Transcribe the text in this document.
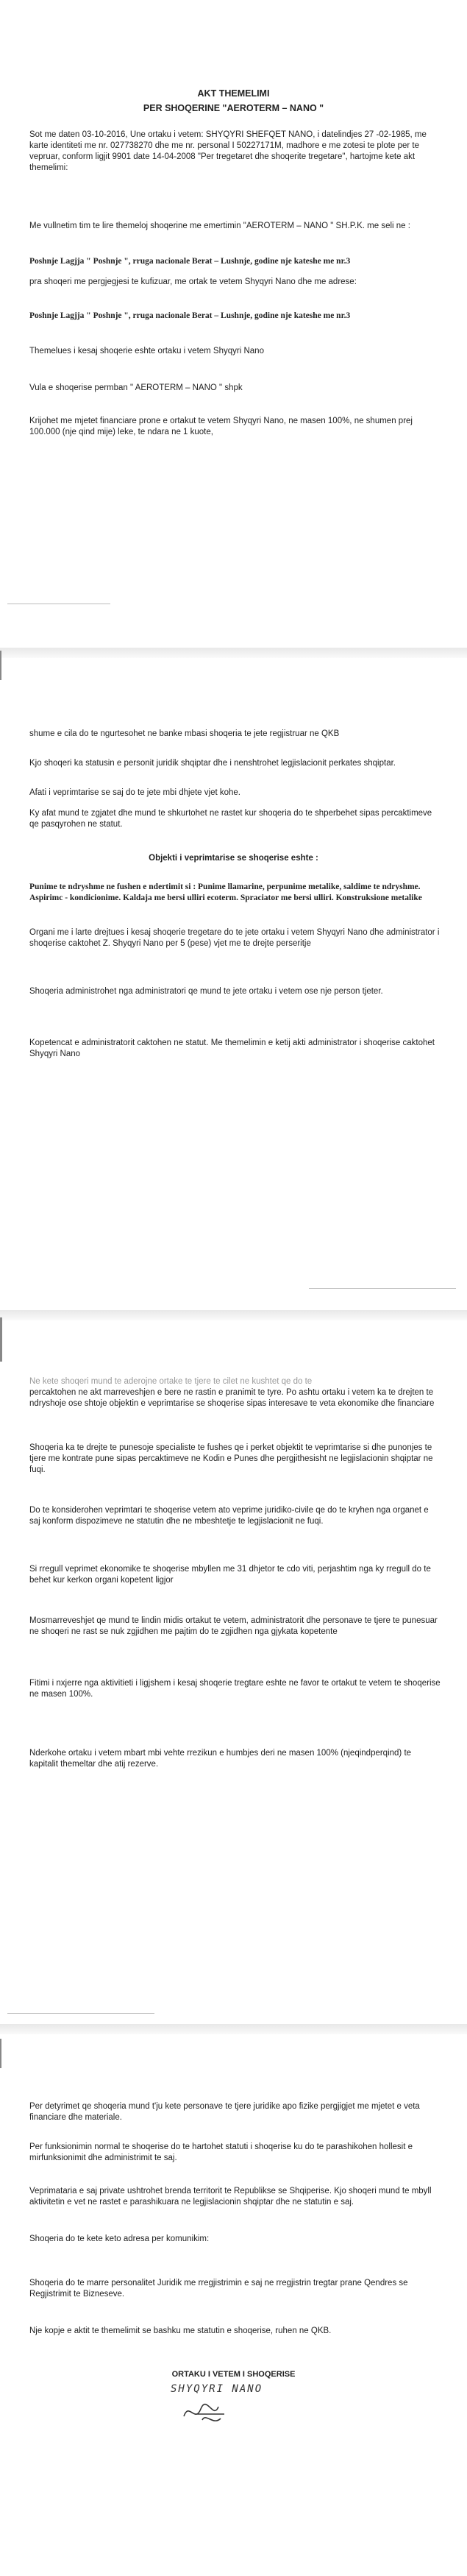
AKT THEMELIMI
PER SHOQERINE "AEROTERM – NANO "

Sot me daten 03-10-2016, Une ortaku i vetem: SHYQYRI SHEFQET NANO, i datelindjes 27 -02-1985, me karte identiteti me nr. 027738270 dhe me nr. personal I 50227171M, madhore e me zotesi te plote per te vepruar, conform ligjit 9901 date 14-04-2008 "Per tregetaret dhe shoqerite tregetare", hartojme kete akt themelimi:

Me vullnetim tim te lire themeloj shoqerine me emertimin "AEROTERM – NANO " SH.P.K. me seli ne :

Poshnje Lagjja " Poshnje ", rruga nacionale Berat – Lushnje, godine nje kateshe me nr.3

pra shoqeri me pergjegjesi te kufizuar, me ortak te vetem Shyqyri Nano dhe me adrese:

Poshnje Lagjja " Poshnje ", rruga nacionale Berat – Lushnje, godine nje kateshe me nr.3

Themelues i kesaj shoqerie eshte ortaku i vetem Shyqyri Nano

Vula e shoqerise permban " AEROTERM – NANO " shpk

Krijohet me mjetet financiare prone e ortakut te vetem Shyqyri Nano, ne masen 100%, ne shumen prej 100.000 (nje qind mije) leke, te ndara ne 1 kuote,

shume e cila do te ngurtesohet ne banke mbasi shoqeria te jete regjistruar ne QKB

Kjo shoqeri ka statusin e personit juridik shqiptar dhe i nenshtrohet legjislacionit perkates shqiptar.

Afati i veprimtarise se saj do te jete mbi dhjete vjet kohe.

Ky afat mund te zgjatet dhe mund te shkurtohet ne rastet kur shoqeria do te shperbehet sipas percaktimeve qe pasqyrohen ne statut.

Objekti i veprimtarise se shoqerise eshte :

Punime te ndryshme ne fushen e ndertimit si : Punime llamarine, perpunime metalike, saldime te ndryshme. Aspirimc - kondicionime. Kaldaja me bersi ulliri ecoterm. Spraciator me bersi ulliri. Konstruksione metalike

Organi me i larte drejtues i kesaj shoqerie tregetare do te jete ortaku i vetem Shyqyri Nano dhe administrator i shoqerise caktohet Z. Shyqyri Nano per 5 (pese) vjet me te drejte perseritje

Shoqeria administrohet nga administratori qe mund te jete ortaku i vetem ose nje person tjeter.

Kopetencat e administratorit caktohen ne statut. Me themelimin e ketij akti administrator i shoqerise caktohet Shyqyri Nano

Ne kete shoqeri mund te aderojne ortake te tjere te cilet ne kushtet qe do te

percaktohen ne akt marreveshjen e bere ne rastin e pranimit te tyre. Po ashtu ortaku i vetem ka te drejten te ndryshoje ose shtoje objektin e veprimtarise se shoqerise sipas interesave te veta ekonomike dhe financiare

Shoqeria ka te drejte te punesoje specialiste te fushes qe i perket objektit te veprimtarise si dhe punonjes te tjere me kontrate pune sipas percaktimeve ne Kodin e Punes dhe pergjithesisht ne legjislacionin shqiptar ne fuqi.

Do te konsiderohen veprimtari te shoqerise vetem ato veprime juridiko-civile qe do te kryhen nga organet e saj konform dispozimeve ne statutin dhe ne mbeshtetje te legjislacionit ne fuqi.

Si rregull veprimet ekonomike te shoqerise mbyllen me 31 dhjetor te cdo viti, perjashtim nga ky rregull do te behet kur kerkon organi kopetent ligjor

Mosmarreveshjet qe mund te lindin midis ortakut te vetem, administratorit dhe personave te tjere te punesuar ne shoqeri ne rast se nuk zgjidhen me pajtim do te zgjidhen nga gjykata kopetente

Fitimi i nxjerre nga aktivitieti i ligjshem i kesaj shoqerie tregtare eshte ne favor te ortakut te vetem te shoqerise ne masen 100%.

Nderkohe ortaku i vetem mbart mbi vehte rrezikun e humbjes deri ne masen 100% (njeqindperqind) te kapitalit themeltar dhe atij rezerve.

Per detyrimet qe shoqeria mund t'ju kete personave te tjere juridike apo fizike pergjigjet me mjetet e veta financiare dhe materiale.

Per funksionimin normal te shoqerise do te hartohet statuti i shoqerise ku do te parashikohen hollesit e mirfunksionimit dhe administrimit te saj.

Veprimataria e saj private ushtrohet brenda territorit te Republikse se Shqiperise. Kjo shoqeri mund te mbyll aktivitetin e vet ne rastet e parashikuara ne legjislacionin shqiptar dhe ne statutin e saj.

Shoqeria do te kete keto adresa per komunikim:

Shoqeria do te marre personalitet Juridik me rregjistrimin e saj ne rregjistrin tregtar prane Qendres se Regjistrimit te Bizneseve.

Nje kopje e aktit te themelimit se bashku me statutin e shoqerise, ruhen ne QKB.

ORTAKU I VETEM I SHOQERISE
SHYQYRI NANO
